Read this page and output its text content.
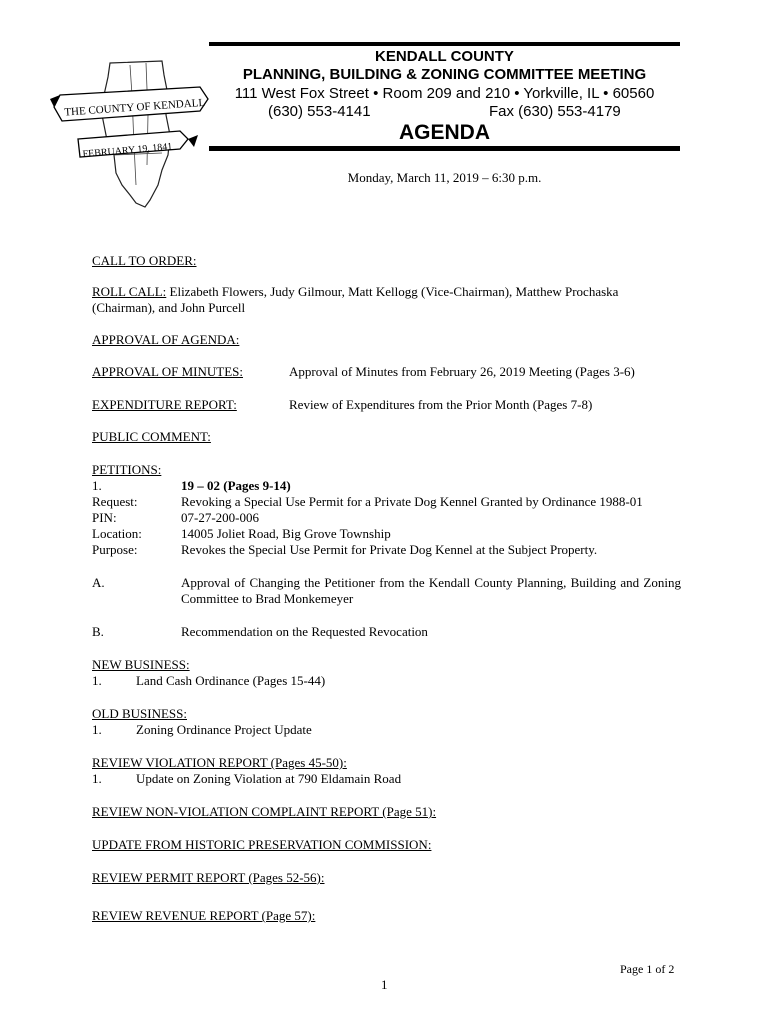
THE COUNTY OF KENDALL
FEBRUARY 19, 1841
KENDALL COUNTY
PLANNING, BUILDING & ZONING COMMITTEE MEETING
111 West Fox Street • Room 209 and 210 • Yorkville, IL • 60560
(630) 553-4141	Fax (630) 553-4179
AGENDA
Monday, March 11, 2019 – 6:30 p.m.
CALL TO ORDER:
ROLL CALL: Elizabeth Flowers, Judy Gilmour, Matt Kellogg (Vice-Chairman), Matthew Prochaska
(Chairman), and John Purcell
APPROVAL OF AGENDA:
APPROVAL OF MINUTES:	Approval of Minutes from February 26, 2019 Meeting (Pages 3-6)
EXPENDITURE REPORT:	Review of Expenditures from the Prior Month (Pages 7-8)
PUBLIC COMMENT:
PETITIONS:
1.	19 – 02 (Pages 9-14)
Request:	Revoking a Special Use Permit for a Private Dog Kennel Granted by Ordinance 1988-01
PIN:	07-27-200-006
Location:	14005 Joliet Road, Big Grove Township
Purpose:	Revokes the Special Use Permit for Private Dog Kennel at the Subject Property.
A.	Approval of Changing the Petitioner from the Kendall County Planning, Building and Zoning Committee to Brad Monkemeyer
B.	Recommendation on the Requested Revocation
NEW BUSINESS:
1.	Land Cash Ordinance (Pages 15-44)
OLD BUSINESS:
1.	Zoning Ordinance Project Update
REVIEW VIOLATION REPORT (Pages 45-50):
1.	Update on Zoning Violation at 790 Eldamain Road
REVIEW NON-VIOLATION COMPLAINT REPORT (Page 51):
UPDATE FROM HISTORIC PRESERVATION COMMISSION:
REVIEW PERMIT REPORT (Pages 52-56):
REVIEW REVENUE REPORT (Page 57):
Page 1 of 2
1
